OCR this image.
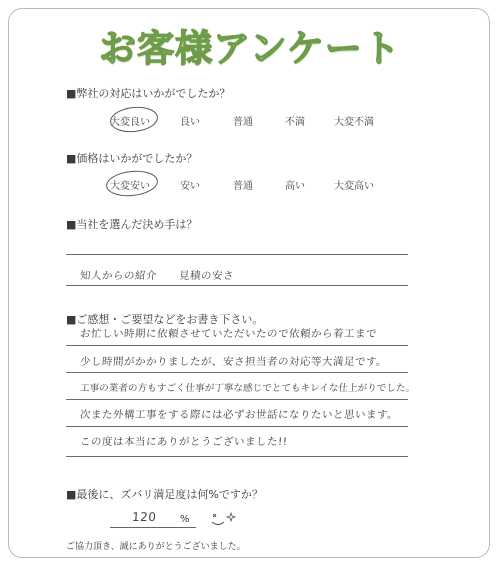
お客様アンケート
■弊社の対応はいかがでしたか？
大変良い	良い	普通	不満	大変不満
■価格はいかがでしたか？
大変安い	安い	普通	高い	大変高い
■当社を選んだ決め手は？
知人からの紹介　　見積の安さ
■ご感想・ご要望などをお書き下さい。
お忙しい時期に依頼させていただいたので依頼から着工まで
少し時間がかかりましたが、安さ担当者の対応等大満足です。
工事の業者の方もすごく仕事が丁寧な感じでとてもキレイな仕上がりでした。
次また外構工事をする際には必ずお世話になりたいと思います。
この度は本当にありがとうございました!!
■最後に、ズバリ満足度は何%ですか？
120 %
ご協力頂き、誠にありがとうございました。
